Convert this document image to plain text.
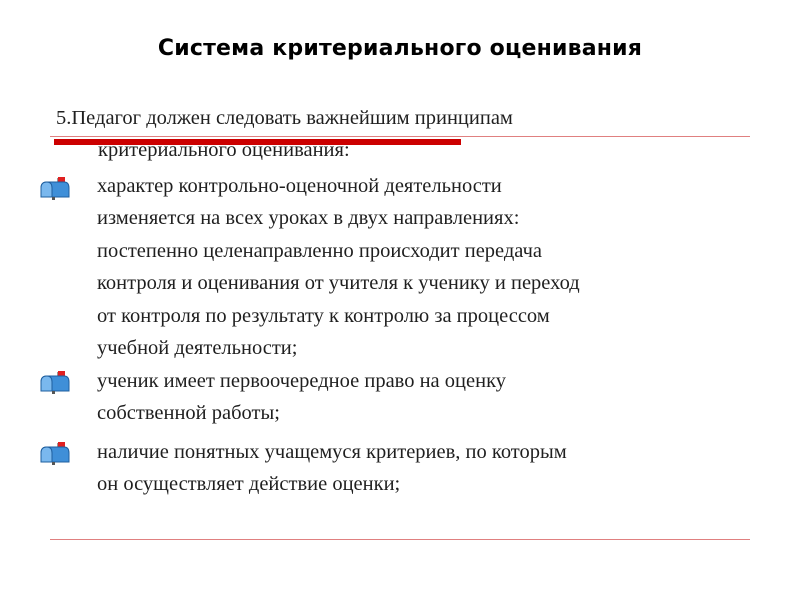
Система критериального оценивания
5.Педагог должен следовать важнейшим принципам
критериального оценивания:
характер контрольно-оценочной деятельности
изменяется на всех уроках в двух направлениях:
постепенно целенаправленно происходит передача
контроля и оценивания от учителя к ученику и переход
от контроля по результату к контролю за процессом
учебной деятельности;
ученик имеет первоочередное право на оценку
собственной работы;
наличие понятных учащемуся критериев, по которым
он осуществляет действие оценки;
